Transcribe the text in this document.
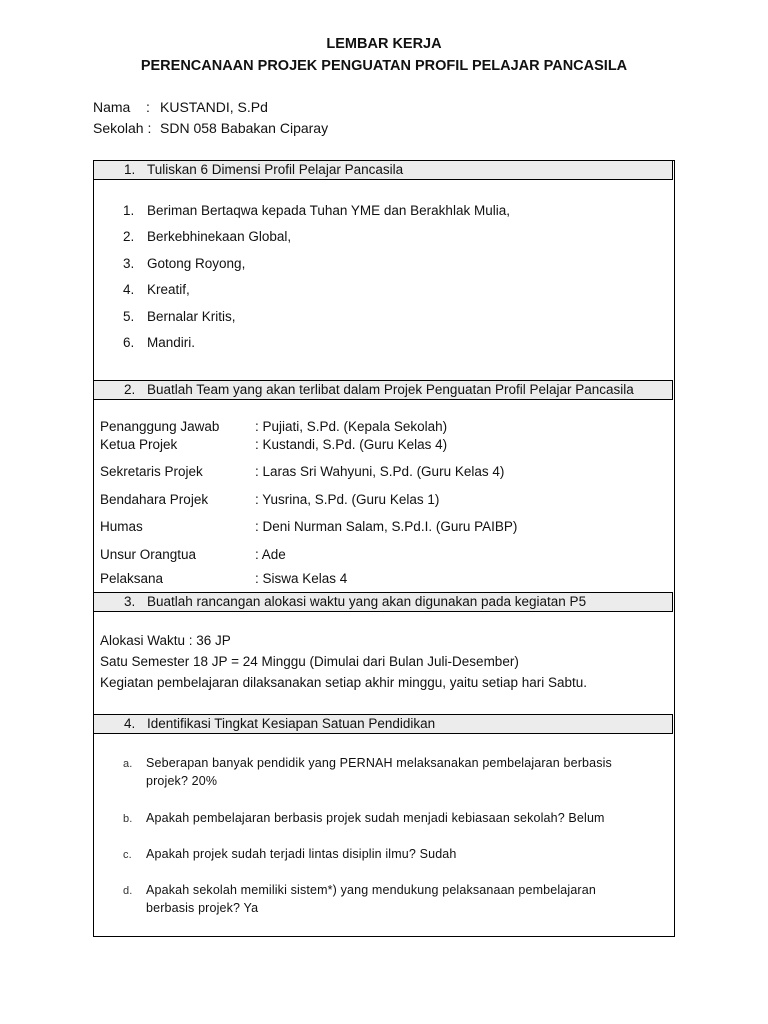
LEMBAR KERJA
PERENCANAAN PROJEK PENGUATAN PROFIL PELAJAR PANCASILA
Nama : KUSTANDI, S.Pd
Sekolah : SDN 058 Babakan Ciparay
1. Tuliskan 6 Dimensi Profil Pelajar Pancasila
1. Beriman Bertaqwa kepada Tuhan YME dan Berakhlak Mulia,
2. Berkebhinekaan Global,
3. Gotong Royong,
4. Kreatif,
5. Bernalar Kritis,
6. Mandiri.
2. Buatlah Team yang akan terlibat dalam Projek Penguatan Profil Pelajar Pancasila
Penanggung Jawab	: Pujiati, S.Pd. (Kepala Sekolah)
Ketua Projek	: Kustandi, S.Pd. (Guru Kelas 4)
Sekretaris Projek	: Laras Sri Wahyuni, S.Pd. (Guru Kelas 4)
Bendahara Projek	: Yusrina, S.Pd. (Guru Kelas 1)
Humas	: Deni Nurman Salam, S.Pd.I. (Guru PAIBP)
Unsur Orangtua	: Ade
Pelaksana	: Siswa Kelas 4
3. Buatlah rancangan alokasi waktu yang akan digunakan pada kegiatan P5
Alokasi Waktu : 36 JP
Satu Semester 18 JP = 24 Minggu (Dimulai dari Bulan Juli-Desember)
Kegiatan pembelajaran dilaksanakan setiap akhir minggu, yaitu setiap hari Sabtu.
4. Identifikasi Tingkat Kesiapan Satuan Pendidikan
a. Seberapan banyak pendidik yang PERNAH melaksanakan pembelajaran berbasis projek? 20%
b. Apakah pembelajaran berbasis projek sudah menjadi kebiasaan sekolah? Belum
c. Apakah projek sudah terjadi lintas disiplin ilmu? Sudah
d. Apakah sekolah memiliki sistem*) yang mendukung pelaksanaan pembelajaran berbasis projek? Ya
